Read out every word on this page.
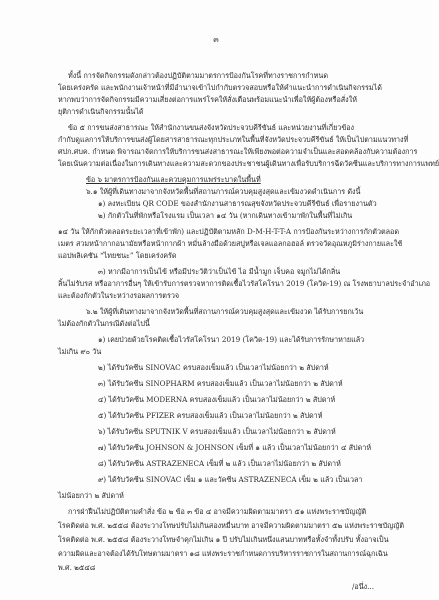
๓
ทั้งนี้ การจัดกิจกรรมดังกล่าวต้องปฏิบัติตามมาตรการป้องกันโรคที่ทางราชการกำหนด
โดยเคร่งครัด และพนักงานเจ้าหน้าที่มีอำนาจเข้าไปกำกับตรวจสอบหรือให้คำแนะนำการดำเนินกิจกรรมได้
หากพบว่าการจัดกิจกรรมมีความเสี่ยงต่อการแพร่โรคให้สั่งเตือนพร้อมแนะนำเพื่อให้ผู้ต้องหรือสั่งให้
ยุติการดำเนินกิจกรรมนั้นได้
ข้อ ๕ การขนส่งสาธารณะ ให้สำนักงานขนส่งจังหวัดประจวบคีรีขันธ์ และหน่วยงานที่เกี่ยวข้อง
กำกับดูแลการให้บริการขนส่งผู้โดยสารสาธารณะทุกประเภทในพื้นที่จังหวัดประจวบคีรีขันธ์ ให้เป็นไปตามแนวทางที่
ศปก.ศบค. กำหนด พิจารณาจัดการให้บริการขนส่งสาธารณะให้เพียงพอต่อความจำเป็นและสอดคล้องกับความต้องการ
โดยเน้นความต่อเนื่องในการเดินทางและความสะดวกของประชาชนผู้เดินทางเพื่อรับบริการฉีดวัคซีนและบริการทางการแพทย์
ข้อ ๖ มาตรการป้องกันและควบคุมการแพร่ระบาดในพื้นที่
๖.๑ ให้ผู้ที่เดินทางมาจากจังหวัดพื้นที่สถานการณ์ควบคุมสูงสุดและเข้มงวดดำเนินการ ดังนี้
๑) ลงทะเบียน QR CODE ของสำนักงานสาธารณสุขจังหวัดประจวบคีรีขันธ์ เพื่อรายงานตัว
๒) กักตัวในที่พักหรือโรงแรม เป็นเวลา ๑๔ วัน (หากเดินทางเข้ามาพักในพื้นที่ไม่เกิน
๑๔ วัน ให้กักตัวตลอดระยะเวลาที่เข้าพัก) และปฏิบัติตามหลัก D-M-H-T-T-A การป้องกันระหว่างการกักตัวตลอด
เมตร สวมหน้ากากอนามัยหรือหน้ากากผ้า หมั่นล้างมือด้วยสบู่หรือเจลแอลกอฮอล์ ตรวจวัดอุณหภูมิร่างกายและใช้
แอปพลิเคชัน “ไทยชนะ” โดยเคร่งครัด
๓) หากมีอาการเป็นไข้ หรือมีประวัติว่าเป็นไข้ ไอ มีน้ำมูก เจ็บคอ จมูกไม่ได้กลิ่น
ลิ้นไม่รับรส หรืออาการอื่นๆ ให้เข้ารับการตรวจหาการติดเชื้อไวรัสโคโรนา 2019 (โควิด-19) ณ โรงพยาบาลประจำอำเภอ
และต้องกักตัวในระหว่างรอผลการตรวจ
๖.๒ ให้ผู้ที่เดินทางมาจากจังหวัดพื้นที่สถานการณ์ควบคุมสูงสุดและเข้มงวด ได้รับการยกเว้น
ไม่ต้องกักตัวในกรณีดังต่อไปนี้
๑) เคยป่วยด้วยโรคติดเชื้อไวรัสโคโรนา 2019 (โควิด-19) และได้รับการรักษาหายแล้ว
ไม่เกิน ๙๐ วัน
๒) ได้รับวัคซีน SINOVAC ครบสองเข็มแล้ว เป็นเวลาไม่น้อยกว่า ๒ สัปดาห์
๓) ได้รับวัคซีน SINOPHARM ครบสองเข็มแล้ว เป็นเวลาไม่น้อยกว่า ๒ สัปดาห์
๔) ได้รับวัคซีน MODERNA ครบสองเข็มแล้ว เป็นเวลาไม่น้อยกว่า ๒ สัปดาห์
๕) ได้รับวัคซีน PFIZER ครบสองเข็มแล้ว เป็นเวลาไม่น้อยกว่า ๒ สัปดาห์
๖) ได้รับวัคซีน SPUTNIK V ครบสองเข็มแล้ว เป็นเวลาไม่น้อยกว่า ๒ สัปดาห์
๗) ได้รับวัคซีน JOHNSON & JOHNSON เข็มที่ ๑ แล้ว เป็นเวลาไม่น้อยกว่า ๔ สัปดาห์
๘) ได้รับวัคซีน ASTRAZENECA เข็มที่ ๒ แล้ว เป็นเวลาไม่น้อยกว่า ๒ สัปดาห์
๙) ได้รับวัคซีน SINOVAC เข็ม ๑ และวัคซีน ASTRAZENECA เข็ม ๒ แล้ว เป็นเวลา
ไม่น้อยกว่า ๒ สัปดาห์
การฝ่าฝืนไม่ปฏิบัติตามคำสั่ง ข้อ ๒ ข้อ ๓ ข้อ ๔ อาจมีความผิดตามมาตรา ๕๑ แห่งพระราชบัญญัติ
โรคติดต่อ พ.ศ. ๒๕๕๘ ต้องระวางโทษปรับไม่เกินสองหมื่นบาท อาจมีความผิดตามมาตรา ๕๒ แห่งพระราชบัญญัติ
โรคติดต่อ พ.ศ. ๒๕๕๘ ต้องระวางโทษจำคุกไม่เกิน ๑ ปี ปรับไม่เกินหนึ่งแสนบาทหรือทั้งจำทั้งปรับ ทั้งอาจเป็น
ความผิดและอาจต้องได้รับโทษตามมาตรา ๑๘ แห่งพระราชกำหนดการบริหารราชการในสถานการณ์ฉุกเฉิน
พ.ศ. ๒๕๔๘
/อนึ่ง...
